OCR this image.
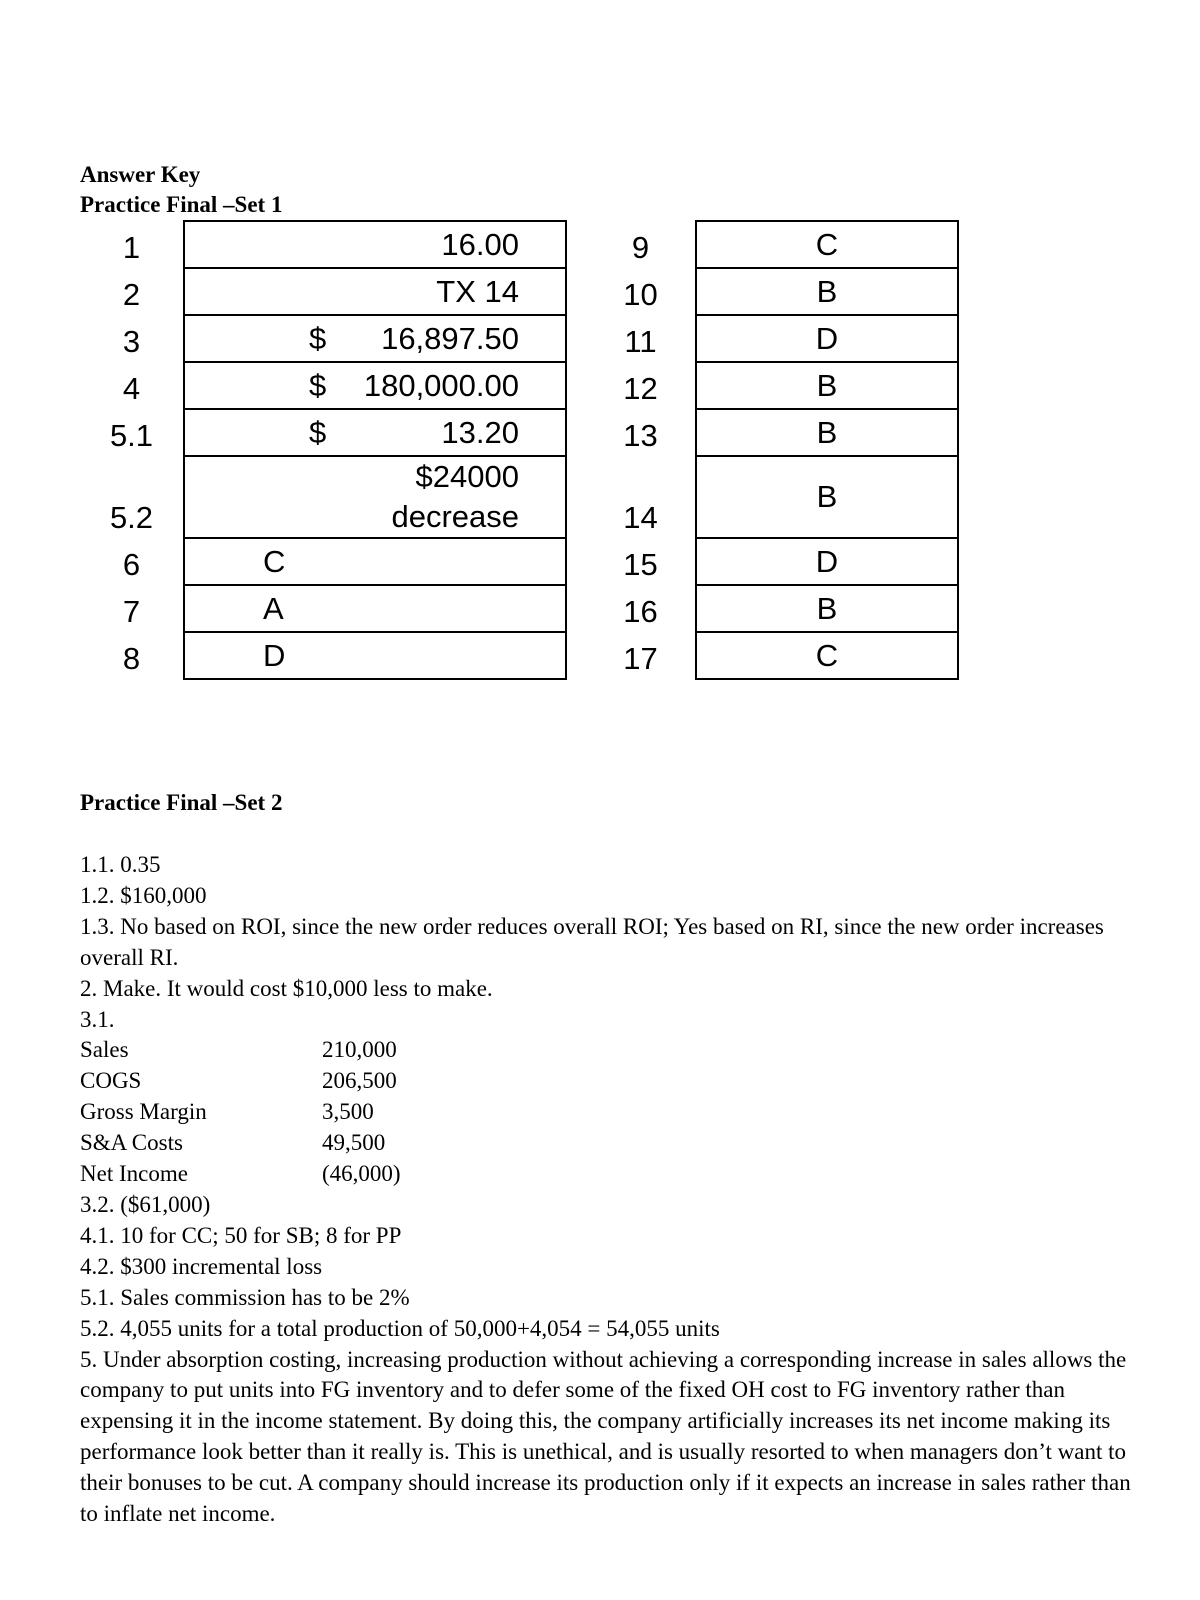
Answer Key
Practice Final –Set 1
1	16.00
2	TX 14
3	$ 16,897.50

4	$ 180,000.00

5.1	$ 13.20

5.2	$24000
decrease

6	C
7	A
8	D
9	C
10	B
11	D
12	B
13	B
14	B
15	D
16	B
17	C
Practice Final –Set 2
1.1. 0.35
1.2. $160,000
1.3. No based on ROI, since the new order reduces overall ROI; Yes based on RI, since the new order increases overall RI.
2. Make. It would cost $10,000 less to make.
3.1.
Sales	210,000
COGS	206,500
Gross Margin	3,500
S&A Costs	49,500
Net Income	(46,000)
3.2. ($61,000)
4.1. 10 for CC; 50 for SB; 8 for PP
4.2. $300 incremental loss
5.1. Sales commission has to be 2%
5.2. 4,055 units for a total production of 50,000+4,054 = 54,055 units
5. Under absorption costing, increasing production without achieving a corresponding increase in sales allows the company to put units into FG inventory and to defer some of the fixed OH cost to FG inventory rather than expensing it in the income statement. By doing this, the company artificially increases its net income making its performance look better than it really is. This is unethical, and is usually resorted to when managers don’t want to their bonuses to be cut. A company should increase its production only if it expects an increase in sales rather than to inflate net income.
